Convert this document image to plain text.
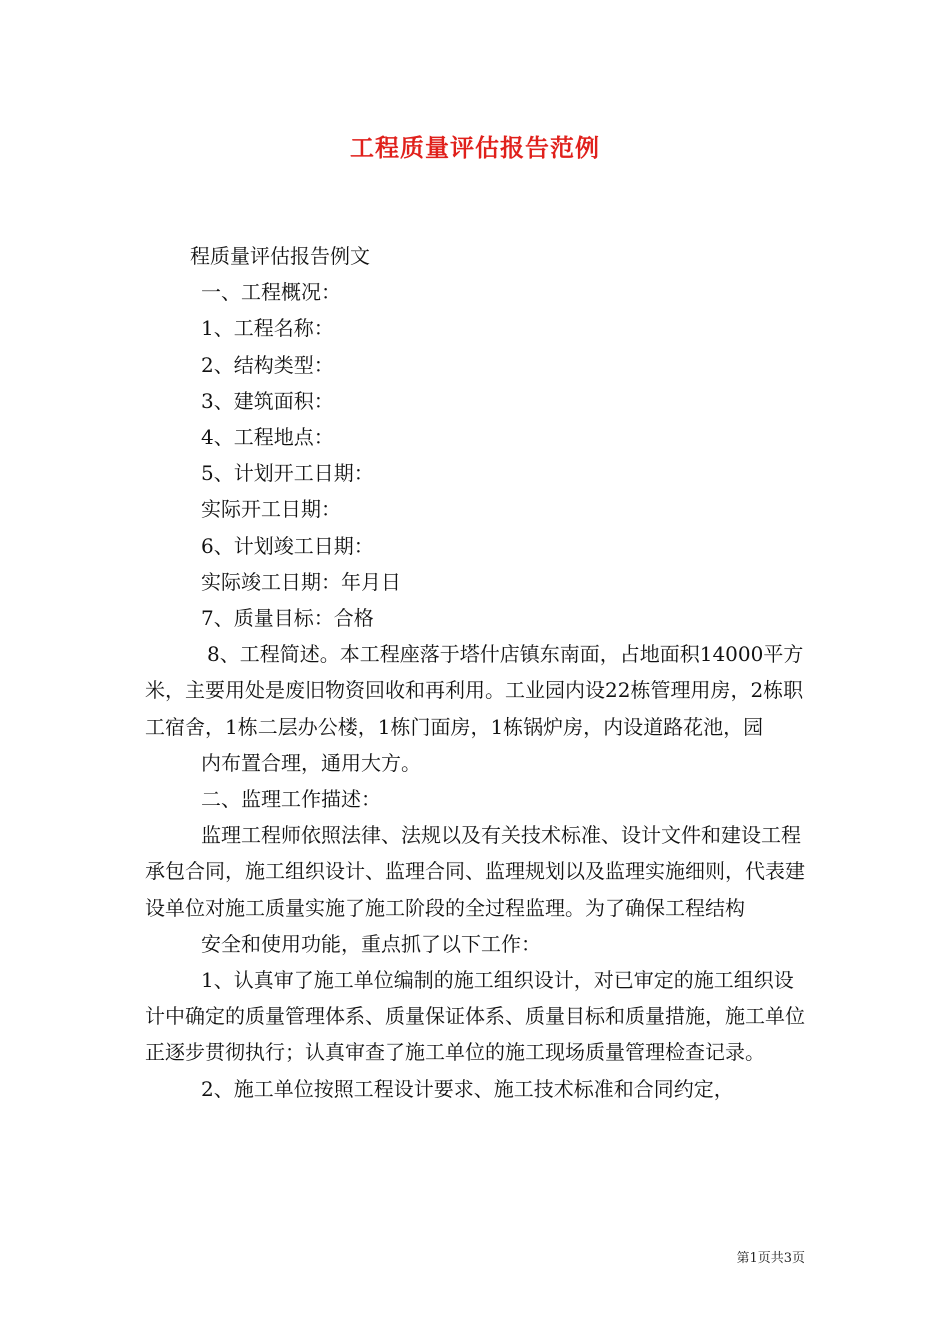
工程质量评估报告范例

程质量评估报告例文

一、工程概况：

1、工程名称：

2、结构类型：

3、建筑面积：

4、工程地点：

5、计划开工日期：

实际开工日期：

6、计划竣工日期：

实际竣工日期：年月日

7、质量目标：合格

8、工程简述。本工程座落于塔什店镇东南面，占地面积14000平方米，主要用处是废旧物资回收和再利用。工业园内设22栋管理用房，2栋职工宿舍，1栋二层办公楼，1栋门面房，1栋锅炉房，内设道路花池，园

内布置合理，通用大方。

二、监理工作描述：

监理工程师依照法律、法规以及有关技术标准、设计文件和建设工程承包合同，施工组织设计、监理合同、监理规划以及监理实施细则，代表建设单位对施工质量实施了施工阶段的全过程监理。为了确保工程结构

安全和使用功能，重点抓了以下工作：

1、认真审了施工单位编制的施工组织设计，对已审定的施工组织设计中确定的质量管理体系、质量保证体系、质量目标和质量措施，施工单位正逐步贯彻执行；认真审查了施工单位的施工现场质量管理检查记录。

2、施工单位按照工程设计要求、施工技术标准和合同约定，

第1页共3页
